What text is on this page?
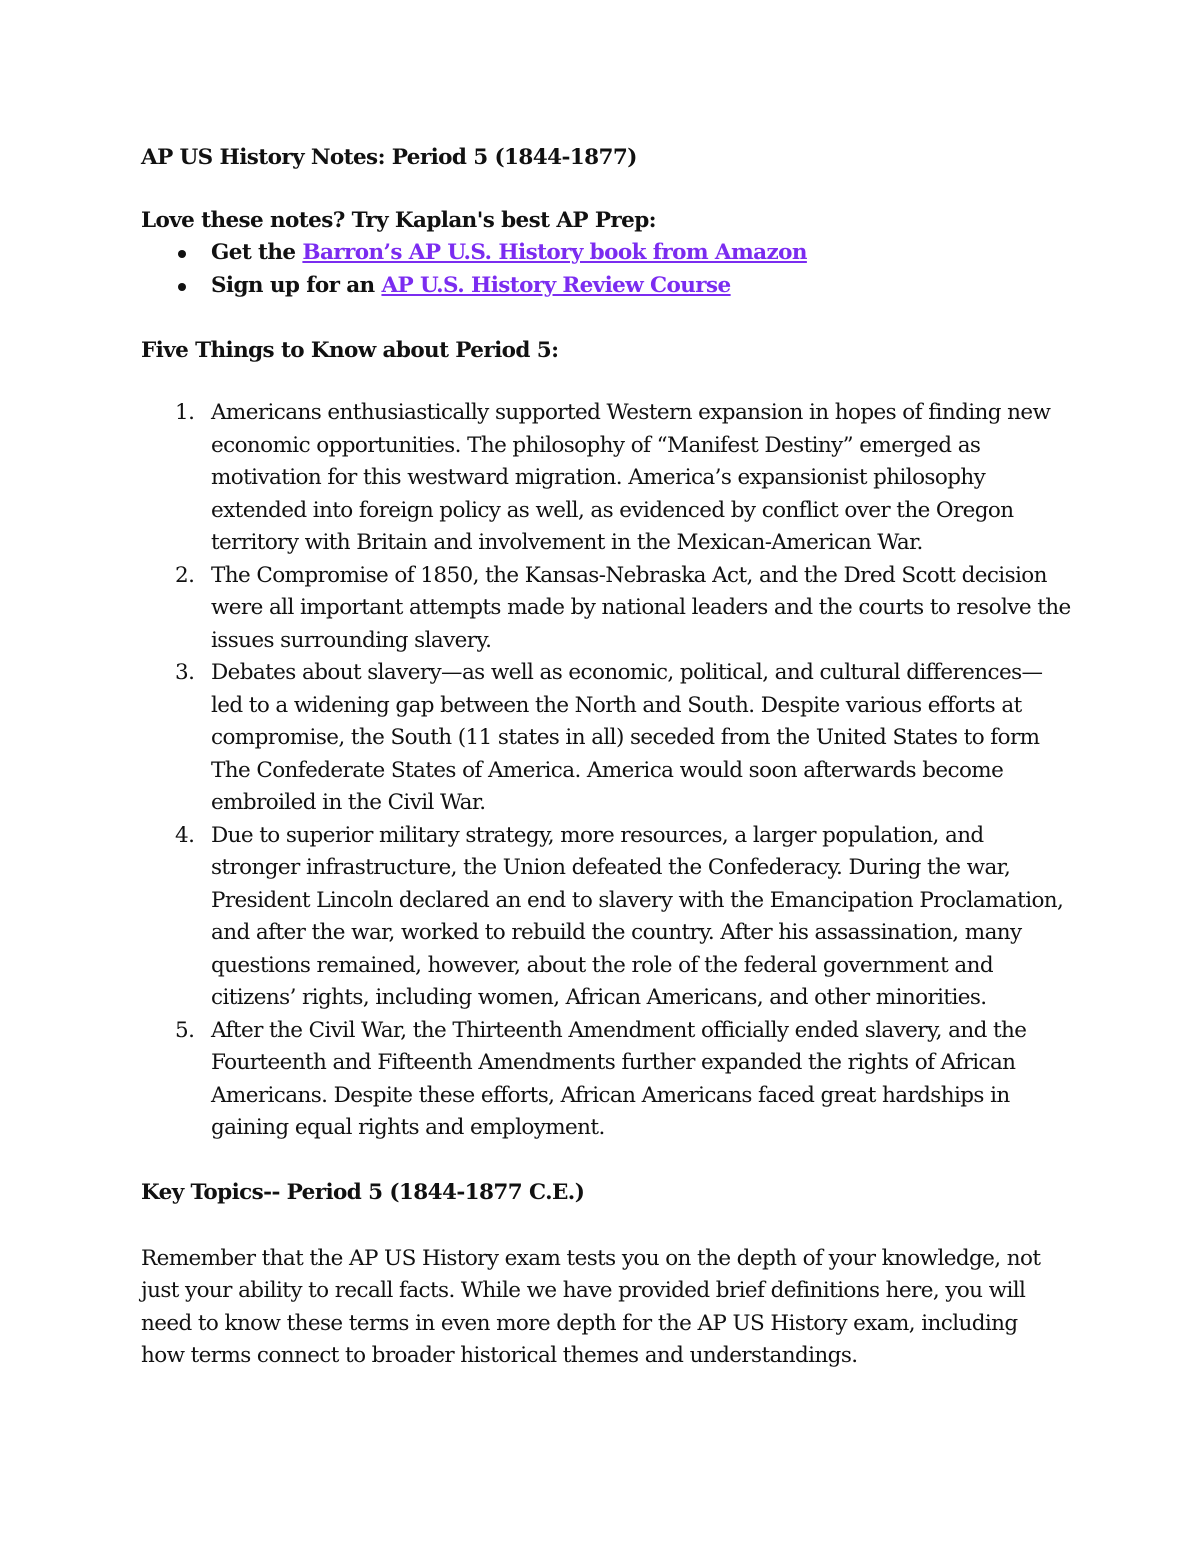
AP US History Notes: Period 5 (1844-1877)
Love these notes? Try Kaplan's best AP Prep:
Get the Barron’s AP U.S. History book from Amazon
Sign up for an AP U.S. History Review Course
Five Things to Know about Period 5:
1. Americans enthusiastically supported Western expansion in hopes of finding new economic opportunities. The philosophy of “Manifest Destiny” emerged as motivation for this westward migration. America’s expansionist philosophy extended into foreign policy as well, as evidenced by conflict over the Oregon territory with Britain and involvement in the Mexican-American War.
2. The Compromise of 1850, the Kansas-Nebraska Act, and the Dred Scott decision were all important attempts made by national leaders and the courts to resolve the issues surrounding slavery.
3. Debates about slavery—as well as economic, political, and cultural differences—led to a widening gap between the North and South. Despite various efforts at compromise, the South (11 states in all) seceded from the United States to form The Confederate States of America. America would soon afterwards become embroiled in the Civil War.
4. Due to superior military strategy, more resources, a larger population, and stronger infrastructure, the Union defeated the Confederacy. During the war, President Lincoln declared an end to slavery with the Emancipation Proclamation, and after the war, worked to rebuild the country. After his assassination, many questions remained, however, about the role of the federal government and citizens’ rights, including women, African Americans, and other minorities.
5. After the Civil War, the Thirteenth Amendment officially ended slavery, and the Fourteenth and Fifteenth Amendments further expanded the rights of African Americans. Despite these efforts, African Americans faced great hardships in gaining equal rights and employment.
Key Topics-- Period 5 (1844-1877 C.E.)

Remember that the AP US History exam tests you on the depth of your knowledge, not just your ability to recall facts. While we have provided brief definitions here, you will need to know these terms in even more depth for the AP US History exam, including how terms connect to broader historical themes and understandings.
